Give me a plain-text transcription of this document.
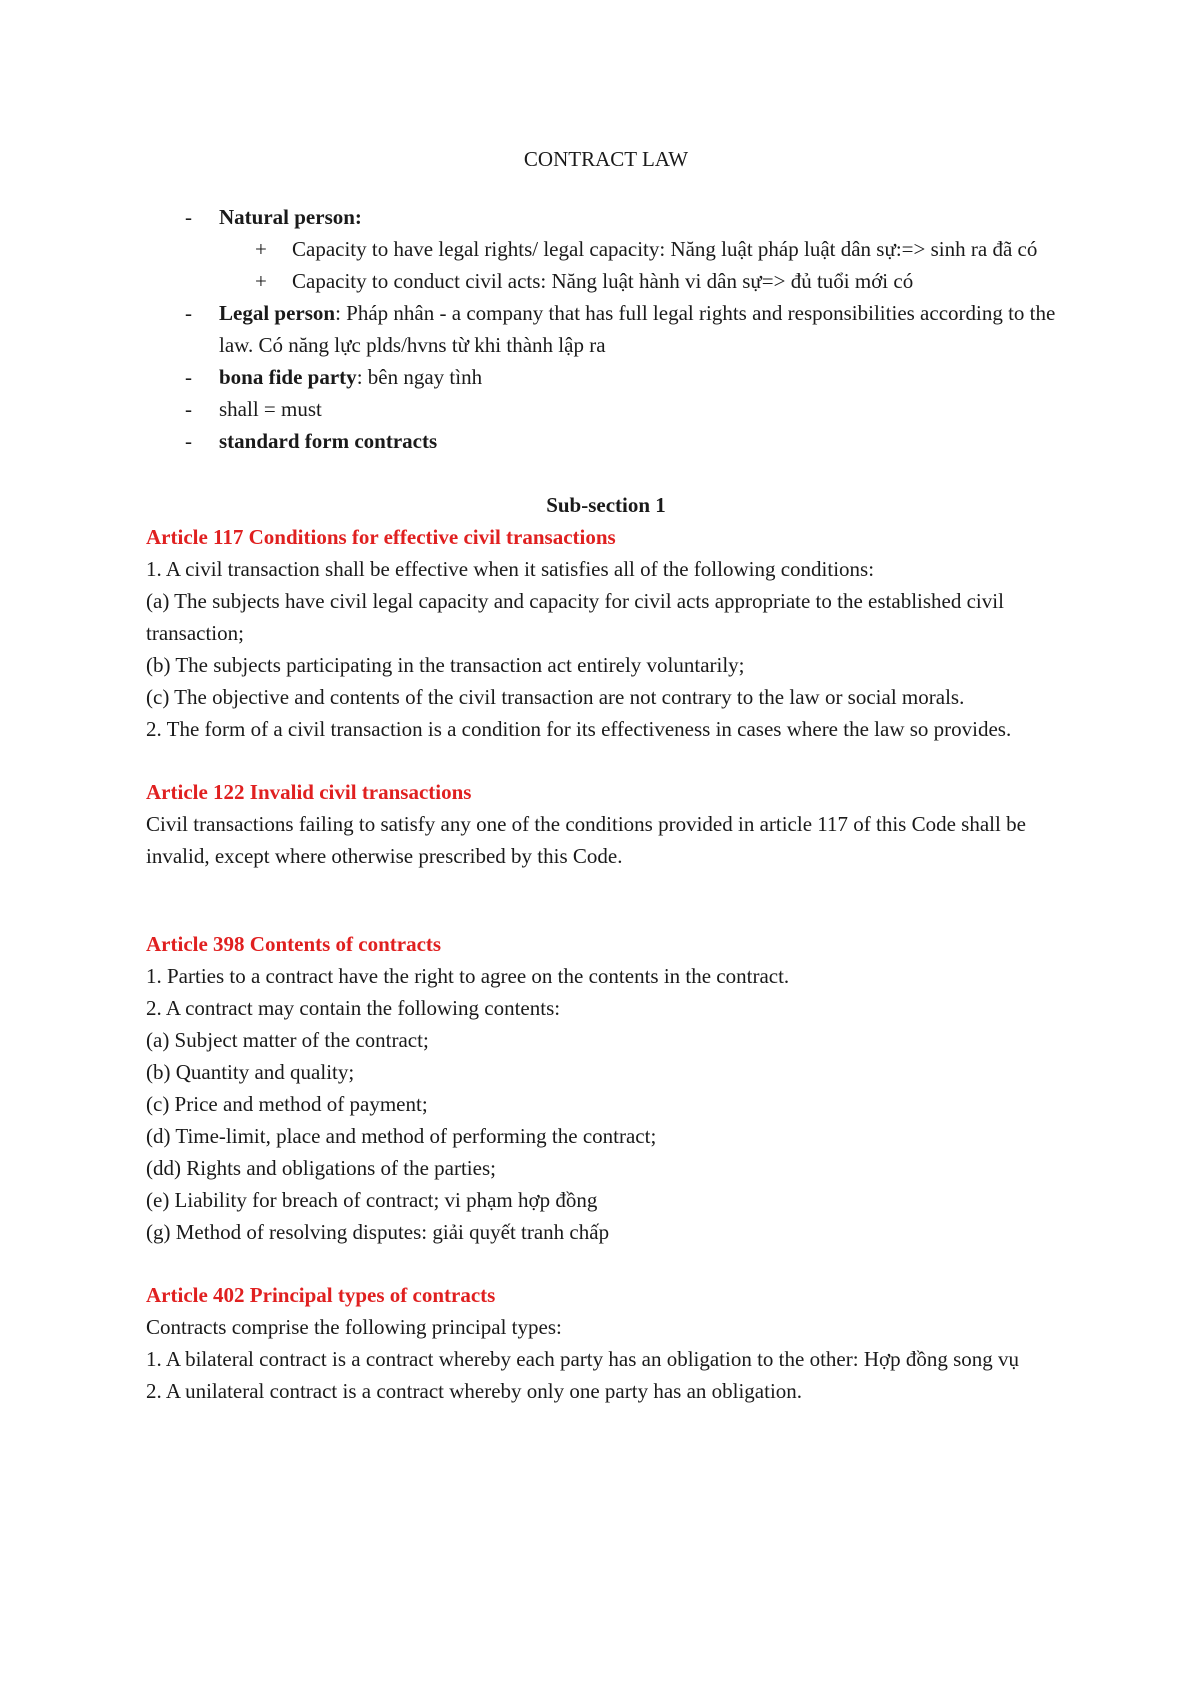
CONTRACT LAW
- Natural person:
+ Capacity to have legal rights/ legal capacity: Năng luật pháp luật dân sự:=> sinh ra đã có
+ Capacity to conduct civil acts: Năng luật hành vi dân sự=> đủ tuổi mới có
- Legal person: Pháp nhân - a company that has full legal rights and responsibilities according to the law. Có năng lực plds/hvns từ khi thành lập ra
- bona fide party: bên ngay tình
- shall = must
- standard form contracts
Sub-section 1
Article 117 Conditions for effective civil transactions
1. A civil transaction shall be effective when it satisfies all of the following conditions:
(a) The subjects have civil legal capacity and capacity for civil acts appropriate to the established civil transaction;
(b) The subjects participating in the transaction act entirely voluntarily;
(c) The objective and contents of the civil transaction are not contrary to the law or social morals.
2. The form of a civil transaction is a condition for its effectiveness in cases where the law so provides.
Article 122 Invalid civil transactions
Civil transactions failing to satisfy any one of the conditions provided in article 117 of this Code shall be invalid, except where otherwise prescribed by this Code.
Article 398 Contents of contracts
1. Parties to a contract have the right to agree on the contents in the contract.
2. A contract may contain the following contents:
(a) Subject matter of the contract;
(b) Quantity and quality;
(c) Price and method of payment;
(d) Time-limit, place and method of performing the contract;
(dd) Rights and obligations of the parties;
(e) Liability for breach of contract; vi phạm hợp đồng
(g) Method of resolving disputes: giải quyết tranh chấp
Article 402 Principal types of contracts
Contracts comprise the following principal types:
1. A bilateral contract is a contract whereby each party has an obligation to the other: Hợp đồng song vụ
2. A unilateral contract is a contract whereby only one party has an obligation.
